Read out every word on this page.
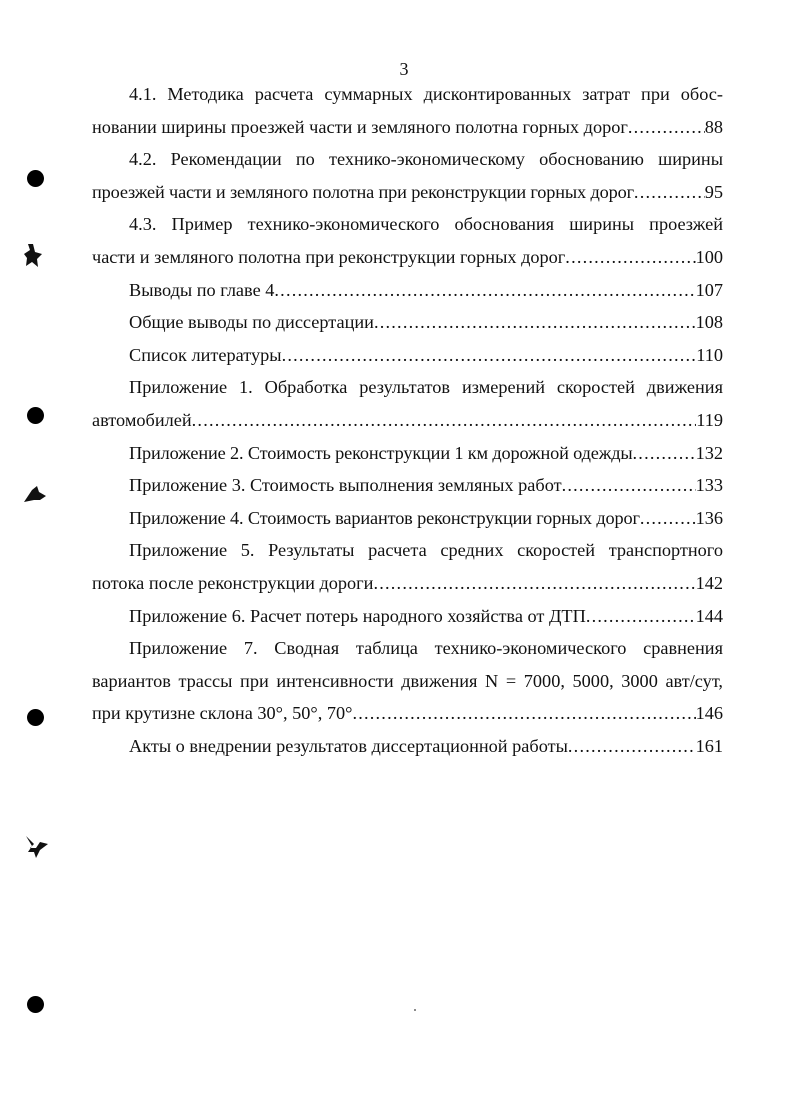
3
4.1. Методика расчета суммарных дисконтированных затрат при обос-
новании ширины проезжей части и земляного полотна горных дорог .....	88
4.2. Рекомендации по технико-экономическому обоснованию ширины
проезжей части и земляного полотна при реконструкции горных дорог .....	95
4.3. Пример технико-экономического обоснования ширины проезжей
части и земляного полотна при реконструкции горных дорог .....	100
Выводы по главе 4 .....	107
Общие выводы по диссертации .....	108
Список литературы .....	110
Приложение 1. Обработка результатов измерений скоростей движения
автомобилей .....	119
Приложение 2. Стоимость реконструкции 1 км дорожной одежды .....	132
Приложение 3. Стоимость выполнения земляных работ .....	133
Приложение 4. Стоимость вариантов реконструкции горных дорог .....	136
Приложение 5. Результаты расчета средних скоростей транспортного
потока после реконструкции дороги .....	142
Приложение 6. Расчет потерь народного хозяйства от ДТП .....	144
Приложение 7. Сводная таблица технико-экономического сравнения
вариантов трассы при интенсивности движения N = 7000, 5000, 3000 авт/сут,
при крутизне склона 30°, 50°, 70° .....	146
Акты о внедрении результатов диссертационной работы .....	161
